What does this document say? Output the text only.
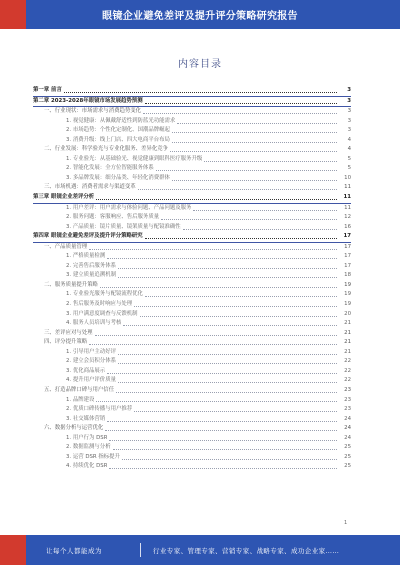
眼镜企业避免差评及提升评分策略研究报告
内容目录
第一章 前言	3
第二章 2023-2028年眼镜市场发展趋势预测	3
一、行业现状：市场需求与消费趋势变化	3
1. 视觉健康：从佩戴舒适性到防蓝光功能需求	3
2. 市场趋势：个性化定制化、国潮品牌崛起	3
3. 消费升级：线上门店、四大电商平台布局	4
二、行业发展：科学验光与专业化服务、差异化竞争	4
1. 专业验光：从基础验光、视觉健康到眼科医疗服务升级	5
2. 智能化发展：全方位智能服务体系	5
3. 多品牌发展：细分品类、年轻化消费群体	10
三、市场机遇：消费者需求与渠道变革	11
第三章 眼镜企业差评分析	11
1. 用户差评：用户需求与体验问题、产品问题及服务	11
2. 服务问题：客服响应、售后服务质量	12
3. 产品质量：镜片质量、镜架质量与配镜准确性	16
第四章 眼镜企业避免差评及提升评分策略研究	17
一、产品质量管理	17
1. 严格质量检测	17
2. 完善售后服务体系	17
3. 建立质量追溯机制	18
二、服务质量提升策略	19
1. 专业验光服务与配镜流程优化	19
2. 售后服务及时响应与处理	19
3. 用户满意度调查与反馈机制	20
4. 服务人员培训与考核	21
三、差评应对与处理	21
四、评分提升策略	21
1. 引导用户主动好评	21
2. 建立会员积分体系	22
3. 优化商品展示	22
4. 提升用户评价质量	22
五、打造品牌口碑与用户信任	23
1. 品牌建设	23
2. 优质口碑传播与用户推荐	23
3. 社交媒体营销	24
六、数据分析与运营优化	24
1. 用户行为 DSR	24
2. 数据监测与分析	25
3. 运营 DSR 指标提升	25
4. 持续优化 DSR	25
1
让每个人都能成为	行业专家、管理专家、营销专家、战略专家、成功企业家……
